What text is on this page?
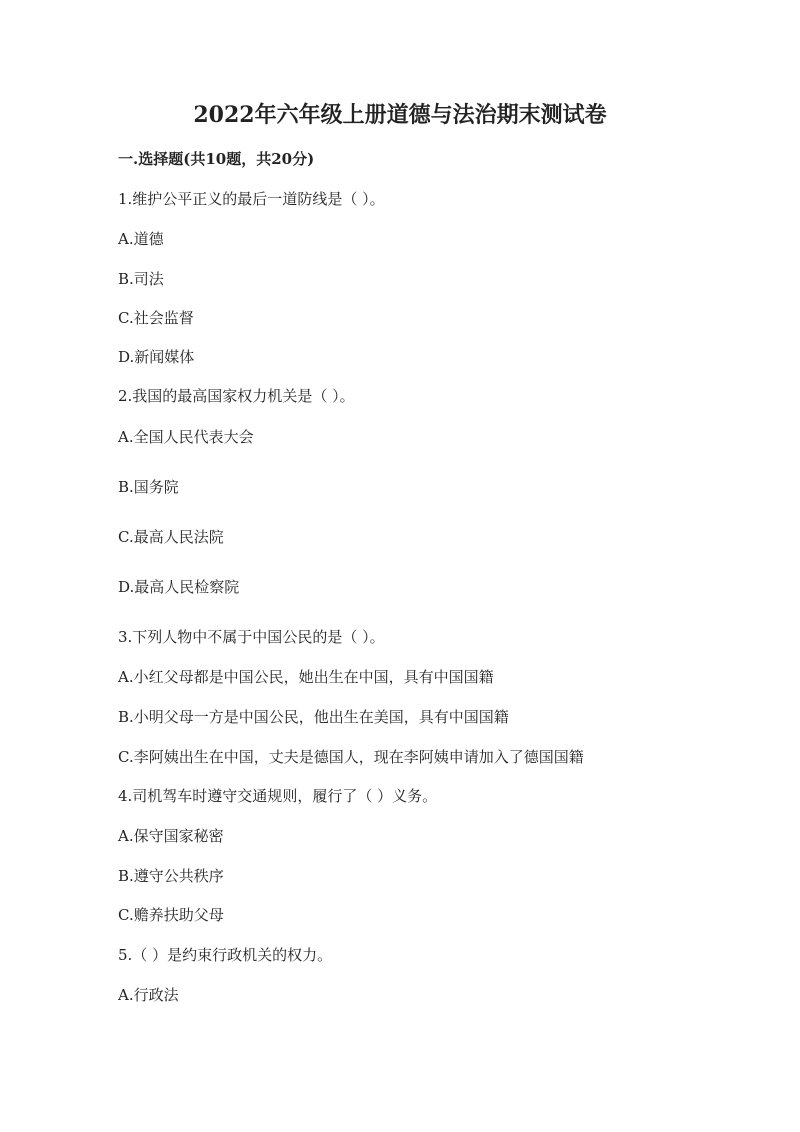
2022年六年级上册道德与法治期末测试卷
一.选择题(共10题，共20分)
1.维护公平正义的最后一道防线是（ ）。
A.道德
B.司法
C.社会监督
D.新闻媒体
2.我国的最高国家权力机关是（ ）。
A.全国人民代表大会
B.国务院
C.最高人民法院
D.最高人民检察院
3.下列人物中不属于中国公民的是（ ）。
A.小红父母都是中国公民，她出生在中国，具有中国国籍
B.小明父母一方是中国公民，他出生在美国，具有中国国籍
C.李阿姨出生在中国，丈夫是德国人，现在李阿姨申请加入了德国国籍
4.司机驾车时遵守交通规则，履行了（ ）义务。
A.保守国家秘密
B.遵守公共秩序
C.赡养扶助父母
5.（ ）是约束行政机关的权力。
A.行政法
